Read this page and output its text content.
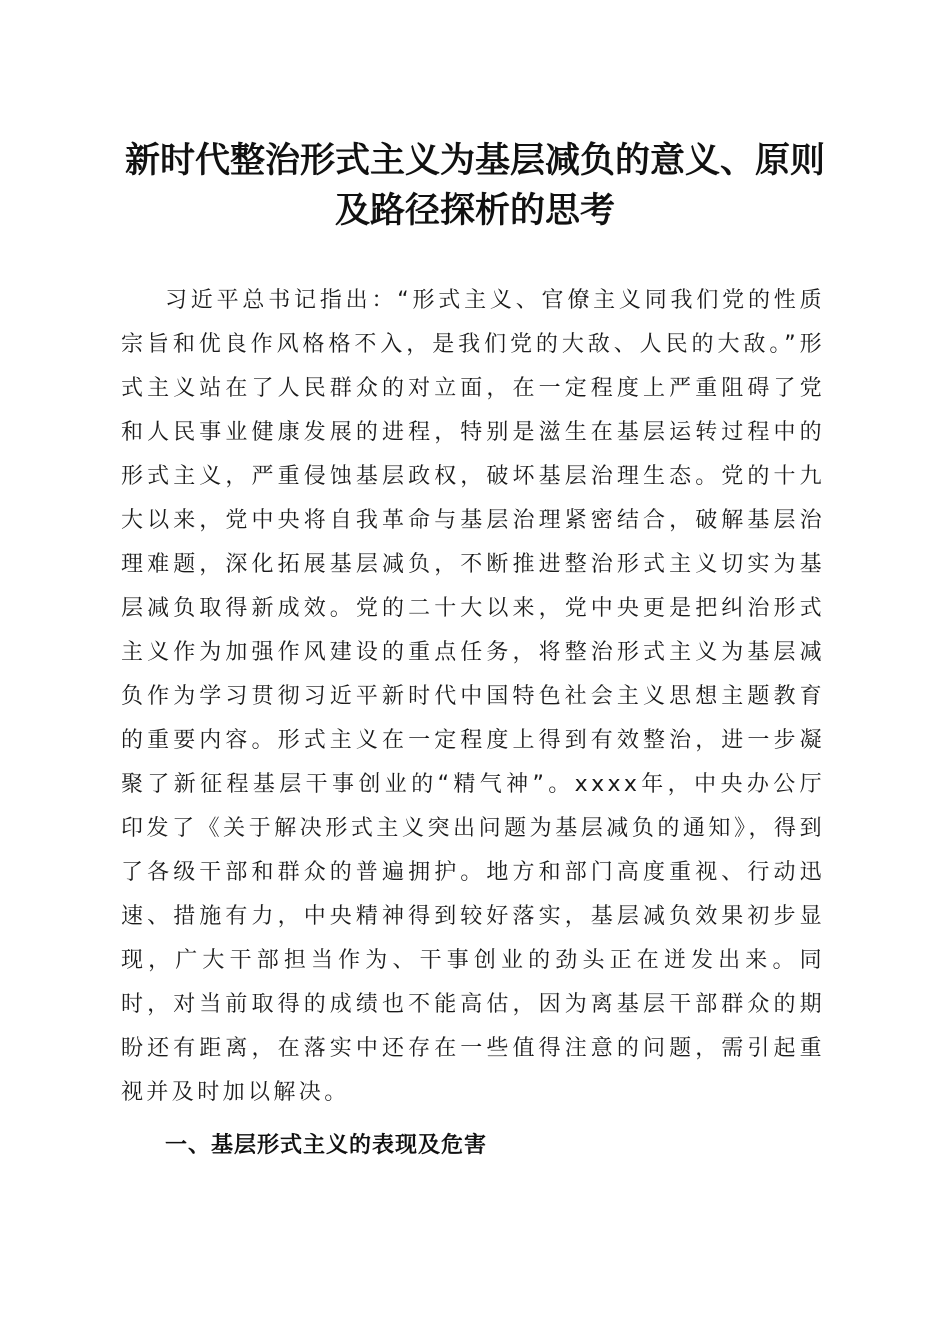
新时代整治形式主义为基层减负的意义、原则
及路径探析的思考

习近平总书记指出：“形式主义、官僚主义同我们党的性质宗旨和优良作风格格不入，是我们党的大敌、人民的大敌。”形式主义站在了人民群众的对立面，在一定程度上严重阻碍了党和人民事业健康发展的进程，特别是滋生在基层运转过程中的形式主义，严重侵蚀基层政权，破坏基层治理生态。党的十九大以来，党中央将自我革命与基层治理紧密结合，破解基层治理难题，深化拓展基层减负，不断推进整治形式主义切实为基层减负取得新成效。党的二十大以来，党中央更是把纠治形式主义作为加强作风建设的重点任务，将整治形式主义为基层减负作为学习贯彻习近平新时代中国特色社会主义思想主题教育的重要内容。形式主义在一定程度上得到有效整治，进一步凝聚了新征程基层干事创业的“精气神”。xxxx年，中央办公厅印发了《关于解决形式主义突出问题为基层减负的通知》，得到了各级干部和群众的普遍拥护。地方和部门高度重视、行动迅速、措施有力，中央精神得到较好落实，基层减负效果初步显现，广大干部担当作为、干事创业的劲头正在迸发出来。同时，对当前取得的成绩也不能高估，因为离基层干部群众的期盼还有距离，在落实中还存在一些值得注意的问题，需引起重视并及时加以解决。

一、基层形式主义的表现及危害
